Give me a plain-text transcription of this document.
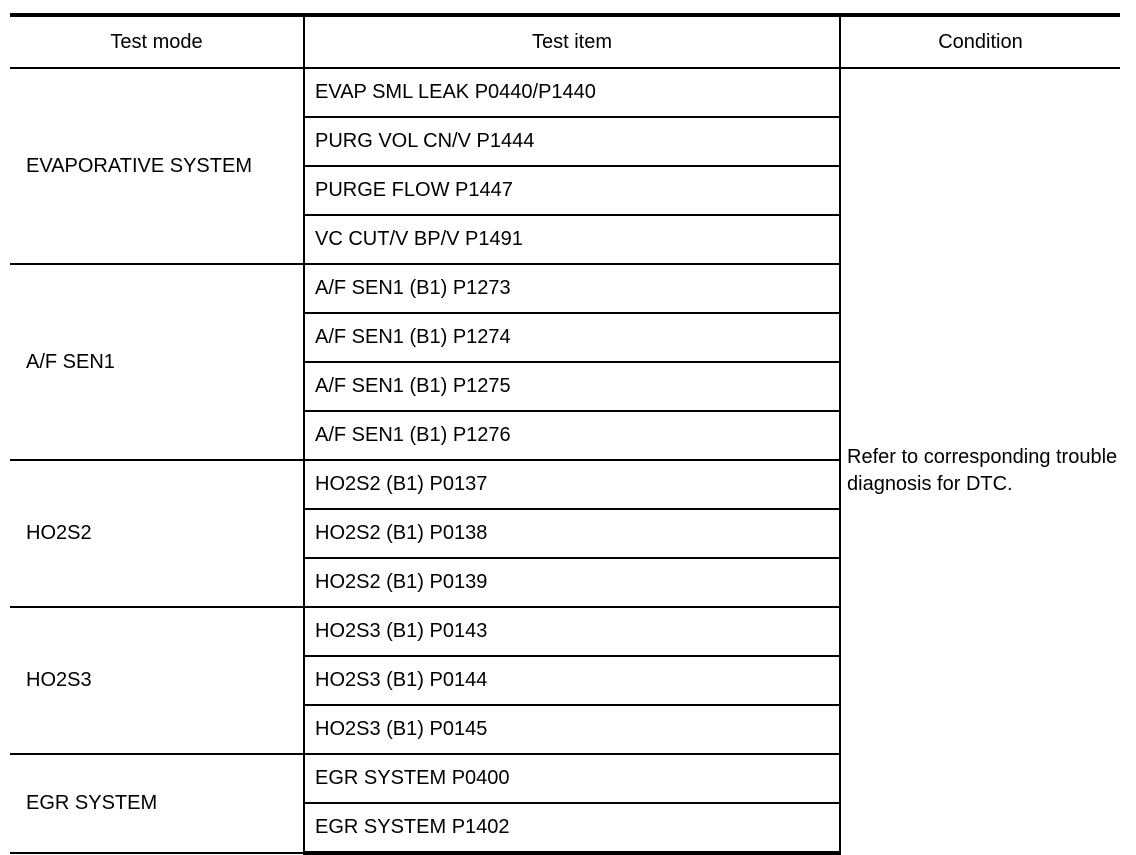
Test mode	Test item	Condition
EVAPORATIVE SYSTEM	EVAP SML LEAK P0440/P1440	Refer to corresponding trouble diagnosis for DTC.
	PURG VOL CN/V P1444	
	PURGE FLOW P1447	
	VC CUT/V BP/V P1491	
A/F SEN1	A/F SEN1 (B1) P1273	
	A/F SEN1 (B1) P1274	
	A/F SEN1 (B1) P1275	
	A/F SEN1 (B1) P1276	
HO2S2	HO2S2 (B1) P0137	
	HO2S2 (B1) P0138	
	HO2S2 (B1) P0139	
HO2S3	HO2S3 (B1) P0143	
	HO2S3 (B1) P0144	
	HO2S3 (B1) P0145	
EGR SYSTEM	EGR SYSTEM P0400	
	EGR SYSTEM P1402	
